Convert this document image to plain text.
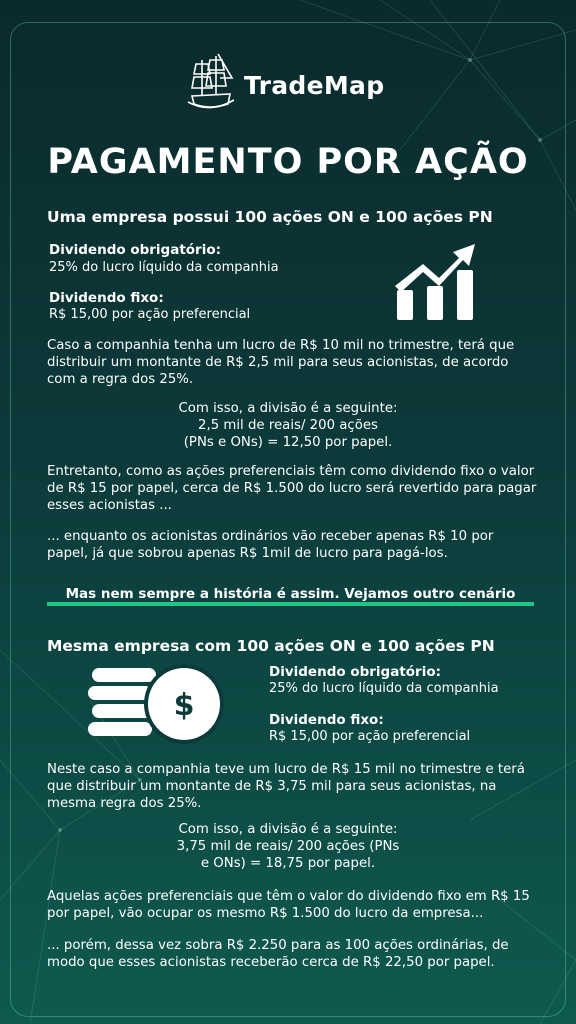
TradeMap
PAGAMENTO POR AÇÃO
Uma empresa possui 100 ações ON e 100 ações PN
Dividendo obrigatório:
25% do lucro líquido da companhia
Dividendo fixo:
R$ 15,00 por ação preferencial
Caso a companhia tenha um lucro de R$ 10 mil no trimestre, terá que distribuir um montante de R$ 2,5 mil para seus acionistas, de acordo com a regra dos 25%.
Com isso, a divisão é a seguinte:
2,5 mil de reais/ 200 ações
(PNs e ONs) = 12,50 por papel.
Entretanto, como as ações preferenciais têm como dividendo fixo o valor de R$ 15 por papel, cerca de R$ 1.500 do lucro será revertido para pagar esses acionistas ...
... enquanto os acionistas ordinários vão receber apenas R$ 10 por papel, já que sobrou apenas R$ 1mil de lucro para pagá-los.
Mas nem sempre a história é assim. Vejamos outro cenário
Mesma empresa com 100 ações ON e 100 ações PN
$
Dividendo obrigatório:
25% do lucro líquido da companhia
Dividendo fixo:
R$ 15,00 por ação preferencial
Neste caso a companhia teve um lucro de R$ 15 mil no trimestre e terá que distribuir um montante de R$ 3,75 mil para seus acionistas, na mesma regra dos 25%.
Com isso, a divisão é a seguinte:
3,75 mil de reais/ 200 ações (PNs
e ONs) = 18,75 por papel.
Aquelas ações preferenciais que têm o valor do dividendo fixo em R$ 15 por papel, vão ocupar os mesmo R$ 1.500 do lucro da empresa...
... porém, dessa vez sobra R$ 2.250 para as 100 ações ordinárias, de modo que esses acionistas receberão cerca de R$ 22,50 por papel.
